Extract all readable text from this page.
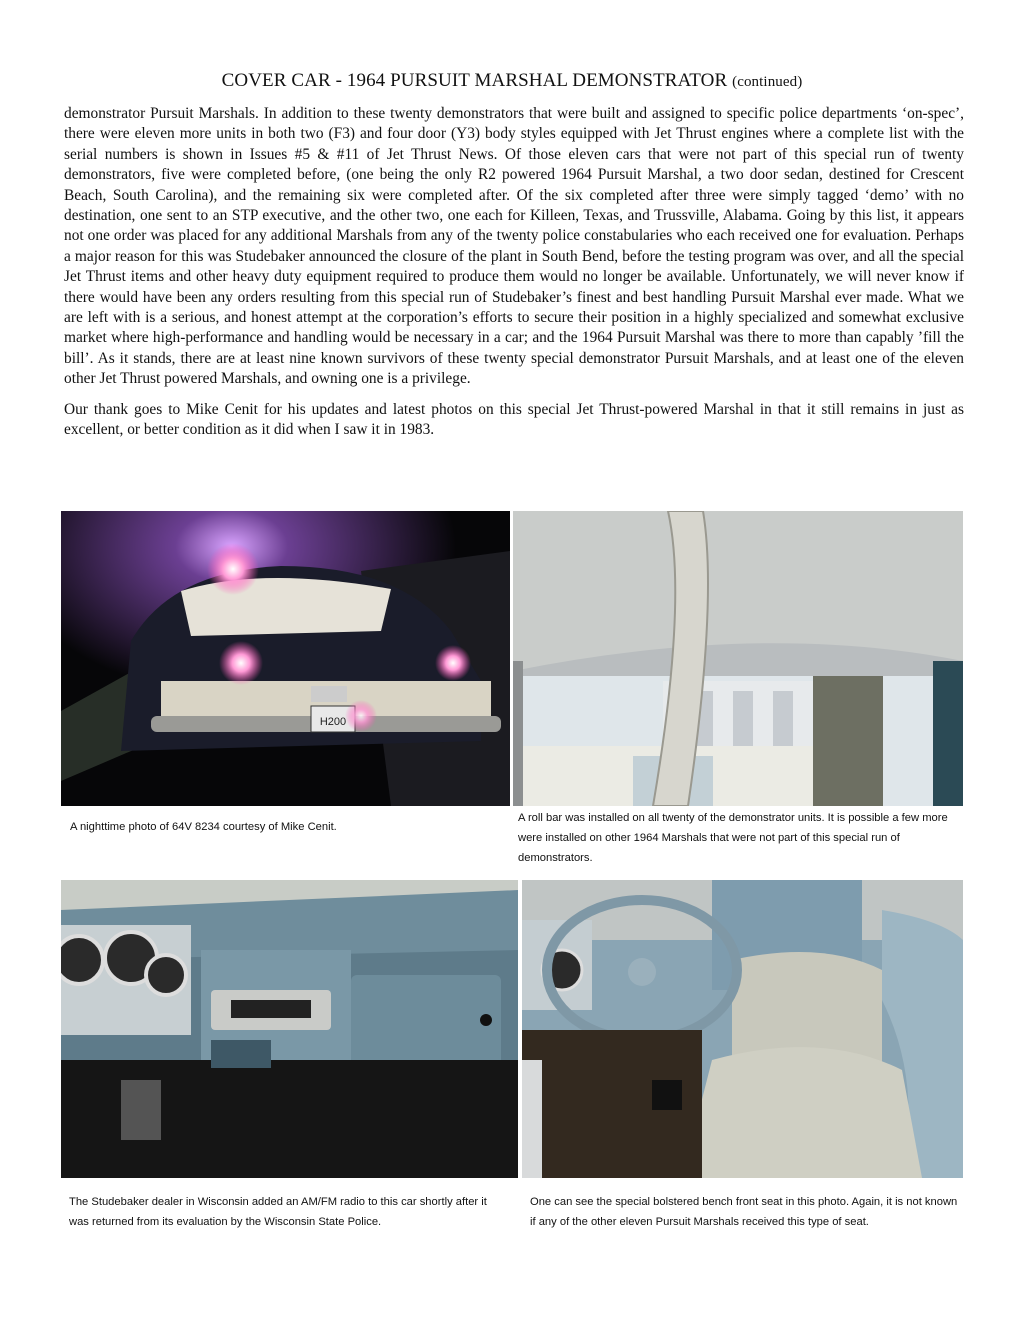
COVER CAR - 1964 PURSUIT MARSHAL DEMONSTRATOR (continued)

demonstrator Pursuit Marshals. In addition to these twenty demonstrators that were built and assigned to specific police departments ‘on-spec’, there were eleven more units in both two (F3) and four door (Y3) body styles equipped with Jet Thrust engines where a complete list with the serial numbers is shown in Issues #5 & #11 of Jet Thrust News. Of those eleven cars that were not part of this special run of twenty demonstrators, five were completed before, (one being the only R2 powered 1964 Pursuit Marshal, a two door sedan, destined for Crescent Beach, South Carolina), and the remaining six were completed after. Of the six completed after three were simply tagged ‘demo’ with no destination, one sent to an STP executive, and the other two, one each for Killeen, Texas, and Trussville, Alabama. Going by this list, it appears not one order was placed for any additional Marshals from any of the twenty police constabularies who each received one for evaluation. Perhaps a major reason for this was Studebaker announced the closure of the plant in South Bend, before the testing program was over, and all the special Jet Thrust items and other heavy duty equipment required to produce them would no longer be available. Unfortunately, we will never know if there would have been any orders resulting from this special run of Studebaker’s finest and best handling Pursuit Marshal ever made. What we are left with is a serious, and honest attempt at the corporation’s efforts to secure their position in a highly specialized and somewhat exclusive market where high-performance and handling would be necessary in a car; and the 1964 Pursuit Marshal was there to more than capably ’fill the bill’. As it stands, there are at least nine known survivors of these twenty special demonstrator Pursuit Marshals, and at least one of the eleven other Jet Thrust powered Marshals, and owning one is a privilege.

Our thank goes to Mike Cenit for his updates and latest photos on this special Jet Thrust-powered Marshal in that it still remains in just as excellent, or better condition as it did when I saw it in 1983.

H200
A nighttime photo of 64V 8234 courtesy of Mike Cenit.
A roll bar was installed on all twenty of the demonstrator units. It is possible a few more were installed on other 1964 Marshals that were not part of this special run of demonstrators.
The Studebaker dealer in Wisconsin added an AM/FM radio to this car shortly after it was returned from its evaluation by the Wisconsin State Police.
One can see the special bolstered bench front seat in this photo. Again, it is not known if any of the other eleven Pursuit Marshals received this type of seat.
